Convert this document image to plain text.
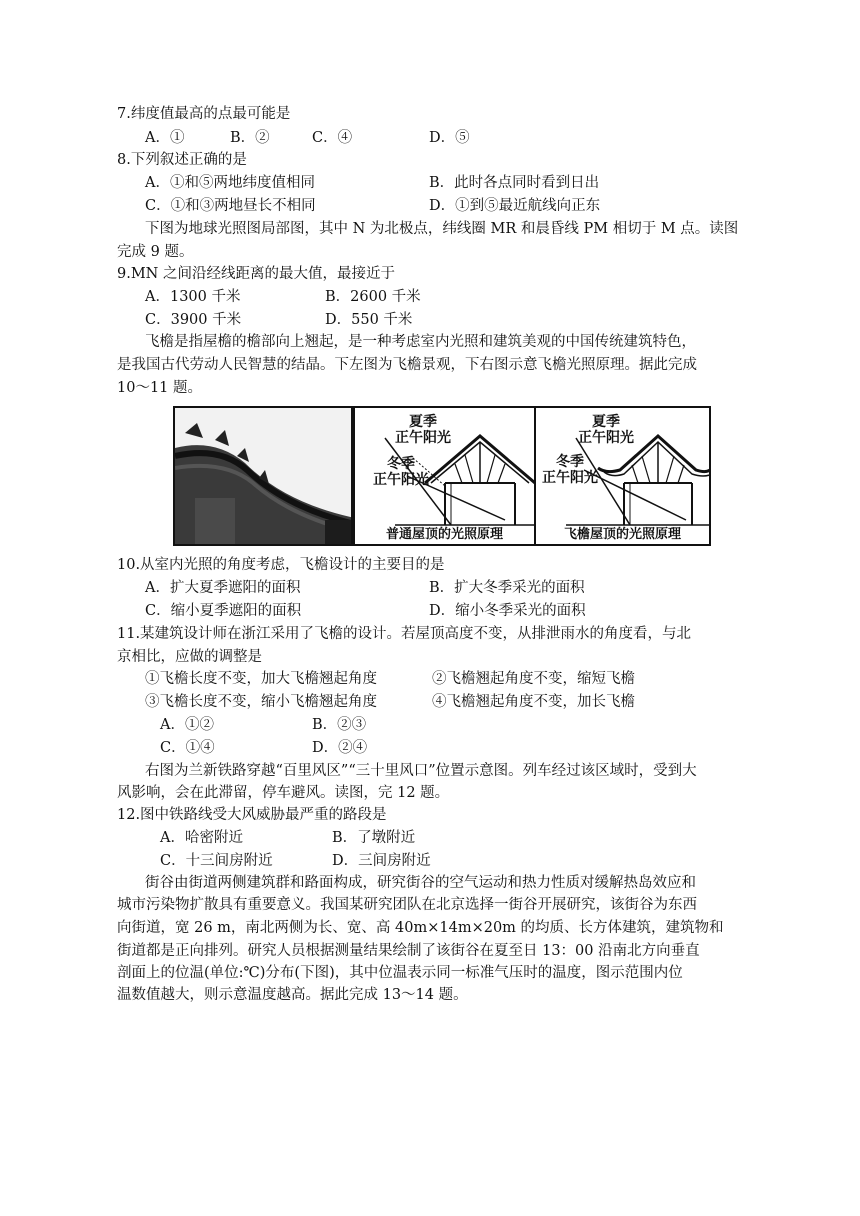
7.纬度值最高的点最可能是
A．①	B．②	C．④	D．⑤
8.下列叙述正确的是
A．①和⑤两地纬度值相同	B．此时各点同时看到日出
C．①和③两地昼长不相同	D．①到⑤最近航线向正东
下图为地球光照图局部图，其中 N 为北极点，纬线圈 MR 和晨昏线 PM 相切于 M 点。读图
完成 9 题。
9.MN 之间沿经线距离的最大值，最接近于
A．1300 千米	B．2600 千米
C．3900 千米	D．550 千米
飞檐是指屋檐的檐部向上翘起，是一种考虑室内光照和建筑美观的中国传统建筑特色，
是我国古代劳动人民智慧的结晶。下左图为飞檐景观，下右图示意飞檐光照原理。据此完成
10～11 题。
夏季
正午阳光
冬季
正午阳光
普通屋顶的光照原理
夏季
正午阳光
冬季
正午阳光
飞檐屋顶的光照原理
10.从室内光照的角度考虑，飞檐设计的主要目的是
A．扩大夏季遮阳的面积	B．扩大冬季采光的面积
C．缩小夏季遮阳的面积	D．缩小冬季采光的面积
11.某建筑设计师在浙江采用了飞檐的设计。若屋顶高度不变，从排泄雨水的角度看，与北
京相比，应做的调整是
①飞檐长度不变，加大飞檐翘起角度	②飞檐翘起角度不变，缩短飞檐
③飞檐长度不变，缩小飞檐翘起角度	④飞檐翘起角度不变，加长飞檐
A．①②	B．②③
C．①④	D．②④
右图为兰新铁路穿越“百里风区”“三十里风口”位置示意图。列车经过该区域时，受到大
风影响，会在此滞留，停车避风。读图，完 12 题。
12.图中铁路线受大风威胁最严重的路段是
A．哈密附近	B．了墩附近
C．十三间房附近	D．三间房附近
街谷由街道两侧建筑群和路面构成，研究街谷的空气运动和热力性质对缓解热岛效应和
城市污染物扩散具有重要意义。我国某研究团队在北京选择一街谷开展研究，该街谷为东西
向街道，宽 26 m，南北两侧为长、宽、高 40m×14m×20m 的均质、长方体建筑，建筑物和
街道都是正向排列。研究人员根据测量结果绘制了该街谷在夏至日 13：00 沿南北方向垂直
剖面上的位温(单位:℃)分布(下图)，其中位温表示同一标准气压时的温度，图示范围内位
温数值越大，则示意温度越高。据此完成 13～14 题。
